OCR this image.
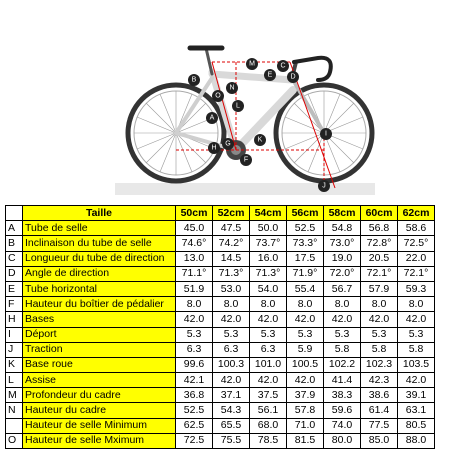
A
B
C
D
E
F
G
H
I
J
K
L
M
N
O
	Taille	50cm	52cm	54cm	56cm	58cm	60cm	62cm
A	Tube de selle	45.0	47.5	50.0	52.5	54.8	56.8	58.6
B	Inclinaison du tube de selle	74.6°	74.2°	73.7°	73.3°	73.0°	72.8°	72.5°
C	Longueur du tube de direction	13.0	14.5	16.0	17.5	19.0	20.5	22.0
D	Angle de direction	71.1°	71.3°	71.3°	71.9°	72.0°	72.1°	72.1°
E	Tube horizontal	51.9	53.0	54.0	55.4	56.7	57.9	59.3
F	Hauteur du boîtier de pédalier	8.0	8.0	8.0	8.0	8.0	8.0	8.0
H	Bases	42.0	42.0	42.0	42.0	42.0	42.0	42.0
I	Déport	5.3	5.3	5.3	5.3	5.3	5.3	5.3
J	Traction	6.3	6.3	6.3	5.9	5.8	5.8	5.8
K	Base roue	99.6	100.3	101.0	100.5	102.2	102.3	103.5
L	Assise	42.1	42.0	42.0	42.0	41.4	42.3	42.0
M	Profondeur du cadre	36.8	37.1	37.5	37.9	38.3	38.6	39.1
N	Hauteur du cadre	52.5	54.3	56.1	57.8	59.6	61.4	63.1
	Hauteur de selle Minimum	62.5	65.5	68.0	71.0	74.0	77.5	80.5
O	Hauteur de selle Mximum	72.5	75.5	78.5	81.5	80.0	85.0	88.0
